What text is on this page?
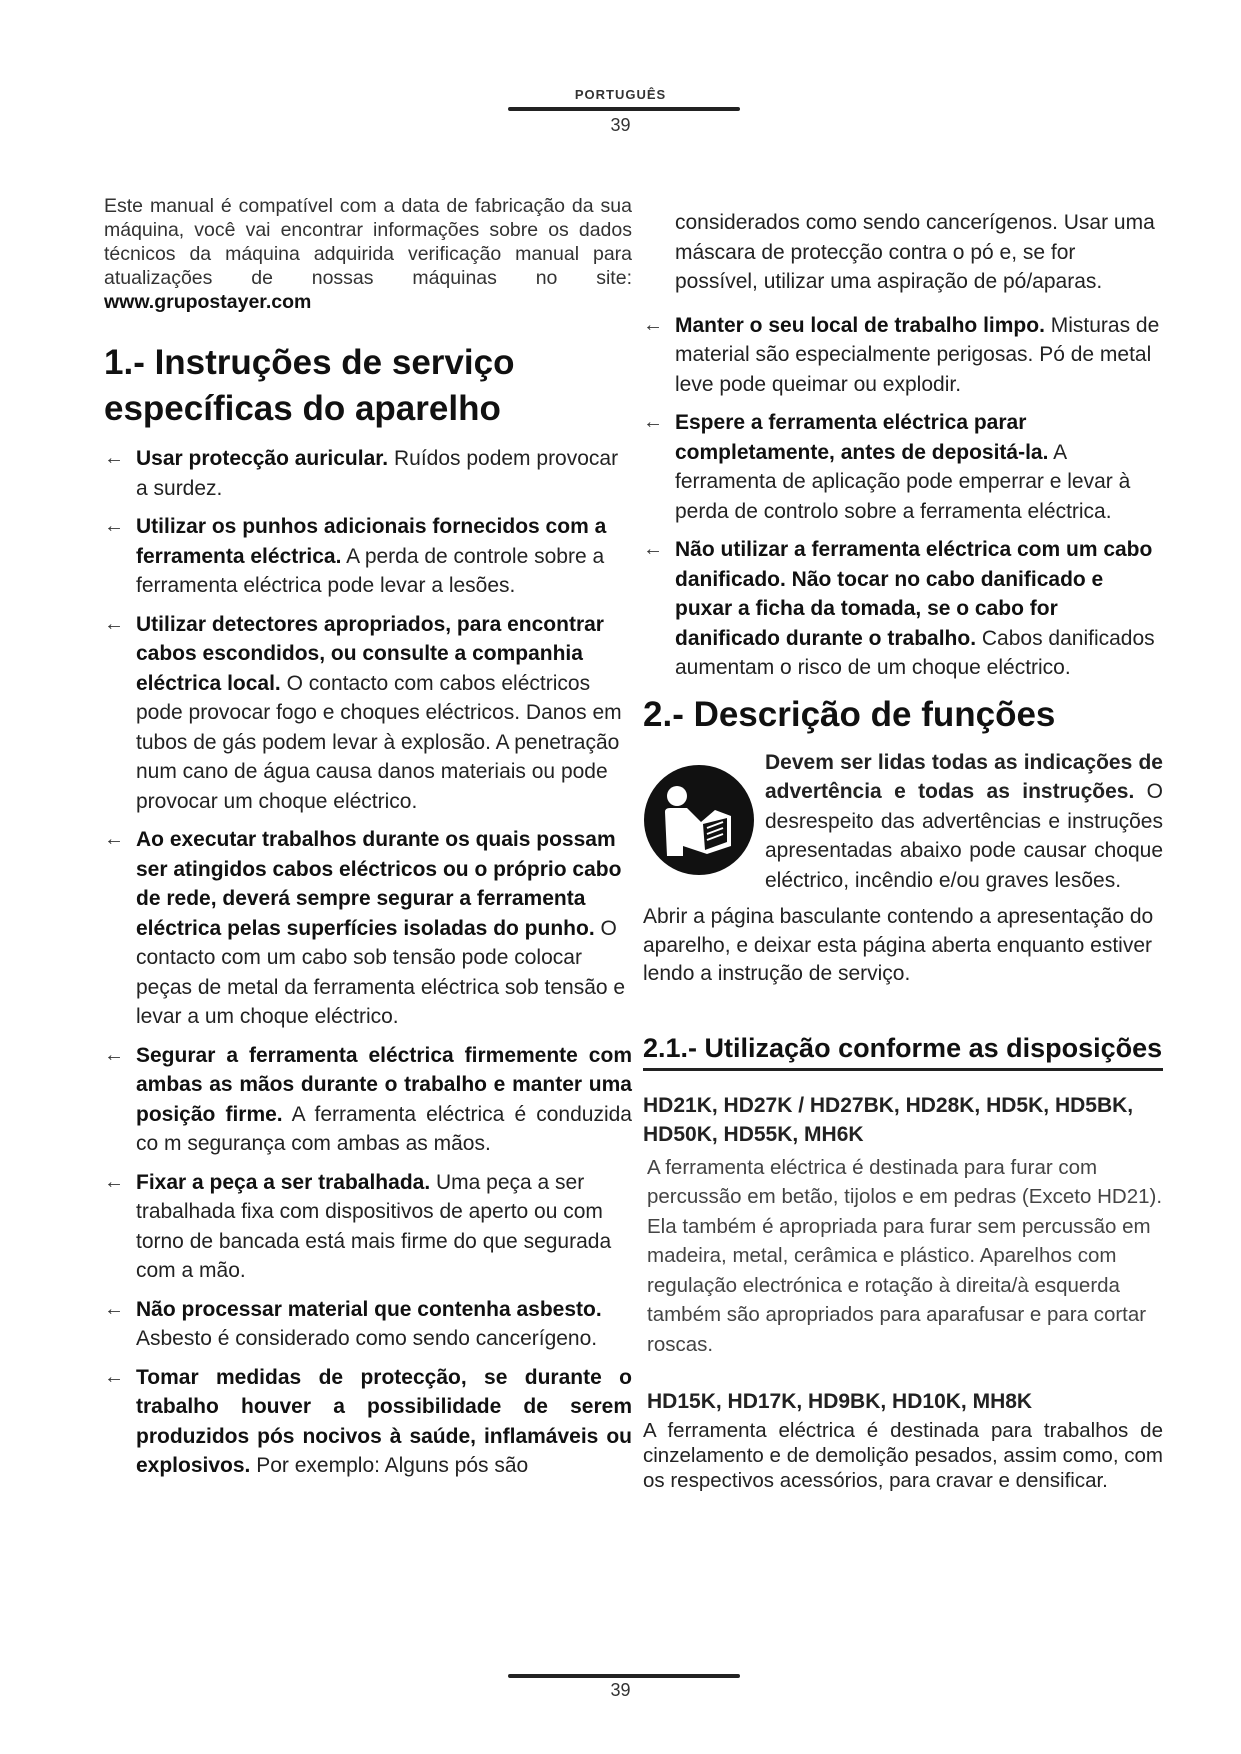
PORTUGUÊS
39

Este manual é compatível com a data de fabricação da sua máquina, você vai encontrar informações sobre os dados técnicos da máquina adquirida verificação manual para atualizações de nossas máquinas no site: www.grupostayer.com

1.- Instruções de serviço específicas do aparelho
← Usar protecção auricular. Ruídos podem provocar a surdez.
← Utilizar os punhos adicionais fornecidos com a ferramenta eléctrica. A perda de controle sobre a ferramenta eléctrica pode levar a lesões.
← Utilizar detectores apropriados, para encontrar cabos escondidos, ou consulte a companhia eléctrica local. O contacto com cabos eléctricos pode provocar fogo e choques eléctricos. Danos em tubos de gás podem levar à explosão. A penetração num cano de água causa danos materiais ou pode provocar um choque eléctrico.
← Ao executar trabalhos durante os quais possam ser atingidos cabos eléctricos ou o próprio cabo de rede, deverá sempre segurar a ferramenta eléctrica pelas superfícies isoladas do punho. O contacto com um cabo sob tensão pode colocar peças de metal da ferramenta eléctrica sob tensão e levar a um choque eléctrico.
← Segurar a ferramenta eléctrica firmemente com ambas as mãos durante o trabalho e manter uma posição firme. A ferramenta eléctrica é conduzida co m segurança com ambas as mãos.
← Fixar a peça a ser trabalhada. Uma peça a ser trabalhada fixa com dispositivos de aperto ou com torno de bancada está mais firme do que segurada com a mão.
← Não processar material que contenha asbesto. Asbesto é considerado como sendo cancerígeno.
← Tomar medidas de protecção, se durante o trabalho houver a possibilidade de serem produzidos pós nocivos à saúde, inflamáveis ou explosivos. Por exemplo: Alguns pós são

considerados como sendo cancerígenos. Usar uma máscara de protecção contra o pó e, se for possível, utilizar uma aspiração de pó/aparas.

← Manter o seu local de trabalho limpo. Misturas de material são especialmente perigosas. Pó de metal leve pode queimar ou explodir.
← Espere a ferramenta eléctrica parar completamente, antes de depositá-la. A ferramenta de aplicação pode emperrar e levar à perda de controlo sobre a ferramenta eléctrica.
← Não utilizar a ferramenta eléctrica com um cabo danificado. Não tocar no cabo danificado e puxar a ficha da tomada, se o cabo for danificado durante o trabalho. Cabos danificados aumentam o risco de um choque eléctrico.
2.- Descrição de funções

Devem ser lidas todas as indicações de advertência e todas as instruções. O desrespeito das advertências e instruções apresentadas abaixo pode causar choque eléctrico, incêndio e/ou graves lesões.

Abrir a página basculante contendo a apresentação do aparelho, e deixar esta página aberta enquanto estiver lendo a instrução de serviço.

2.1.- Utilização conforme as disposições
HD21K, HD27K / HD27BK, HD28K, HD5K, HD5BK, HD50K, HD55K, MH6K

A ferramenta eléctrica é destinada para furar com percussão em betão, tijolos e em pedras (Exceto HD21). Ela também é apropriada para furar sem percussão em madeira, metal, cerâmica e plástico. Aparelhos com regulação electrónica e rotação à direita/à esquerda também são apropriados para aparafusar e para cortar roscas.

HD15K, HD17K, HD9BK, HD10K, MH8K

A ferramenta eléctrica é destinada para trabalhos de cinzelamento e de demolição pesados, assim como, com os respectivos acessórios, para cravar e densificar.

39
